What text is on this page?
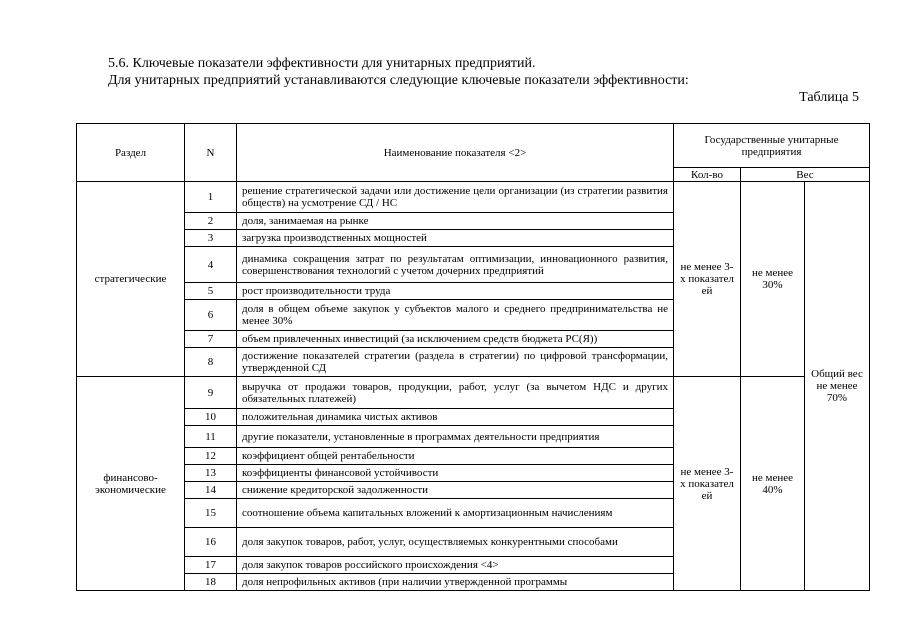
5.6. Ключевые показатели эффективности для унитарных предприятий.
Для унитарных предприятий устанавливаются следующие ключевые показатели эффективности:
Таблица 5
Раздел	N	Наименование показателя <2>	Государственные унитарные предприятия		
			Кол-во	Вес	
стратегические	1	решение стратегической задачи или достижение цели организации (из стратегии развития обществ) на усмотрение СД / НС	не менее 3-х показател ей	не менее 30%	Общий вес не менее 70%
	2	доля, занимаемая на рынке			
	3	загрузка производственных мощностей			
	4	динамика сокращения затрат по результатам оптимизации, инновационного развития, совершенствования технологий с учетом дочерних предприятий			
	5	рост производительности труда			
	6	доля в общем объеме закупок у субъектов малого и среднего предпринимательства не менее 30%			
	7	объем привлеченных инвестиций (за исключением средств бюджета РС(Я))			
	8	достижение показателей стратегии (раздела в стратегии) по цифровой трансформации, утвержденной СД			
финансово-экономические	9	выручка от продажи товаров, продукции, работ, услуг (за вычетом НДС и других обязательных платежей)	не менее 3-х показател ей	не менее 40%	
	10	положительная динамика чистых активов			
	11	другие показатели, установленные в программах деятельности предприятия			
	12	коэффициент общей рентабельности			
	13	коэффициенты финансовой устойчивости			
	14	снижение кредиторской задолженности			
	15	соотношение объема капитальных вложений к амортизационным начислениям			
	16	доля закупок товаров, работ, услуг, осуществляемых конкурентными способами			
	17	доля закупок товаров российского происхождения <4>			
	18	доля непрофильных активов (при наличии утвержденной программы			
